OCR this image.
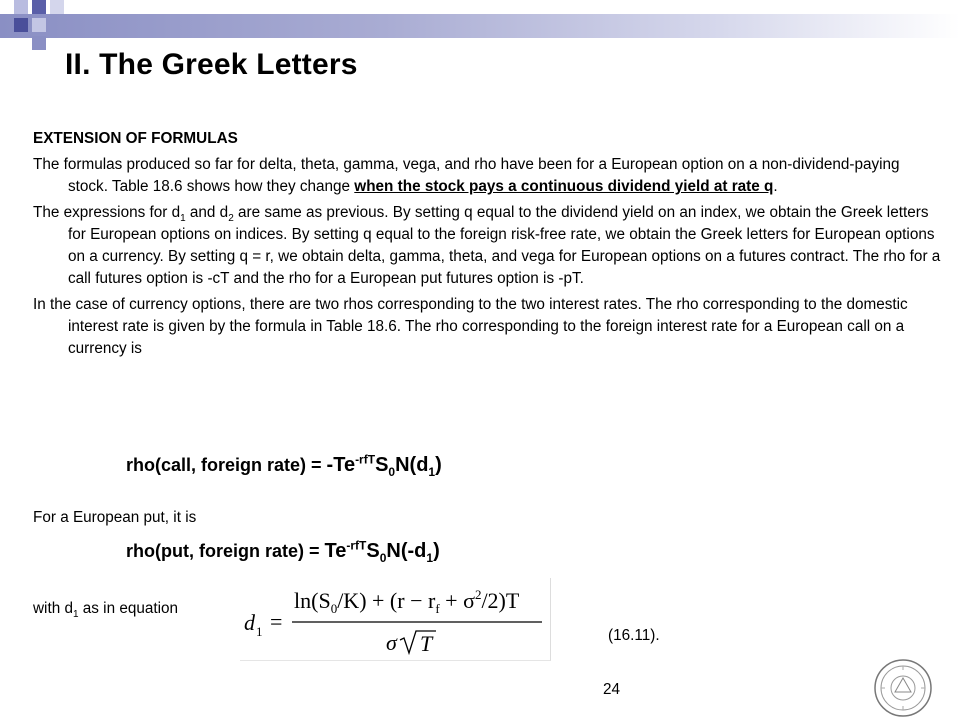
II. The Greek Letters
EXTENSION OF FORMULAS

The formulas produced so far for delta, theta, gamma, vega, and rho have been for a European option on a non-dividend-paying stock. Table 18.6 shows how they change when the stock pays a continuous dividend yield at rate q.

The expressions for $d_1$ and $d_2$ are same as previous. By setting q equal to the dividend yield on an index, we obtain the Greek letters for European options on indices. By setting q equal to the foreign risk-free rate, we obtain the Greek letters for European options on a currency. By setting q = r, we obtain delta, gamma, theta, and vega for European options on a futures contract. The rho for a call futures option is -cT and the rho for a European put futures option is -pT.

In the case of currency options, there are two rhos corresponding to the two interest rates. The rho corresponding to the domestic interest rate is given by the formula in Table 18.6. The rho corresponding to the foreign interest rate for a European call on a currency is

rho(call, foreign rate) = $-Te^{-rfT}S_0N(d_1)$
For a European put, it is
rho(put, foreign rate) = $Te^{-rfT}S_0N(-d_1)$
with $d_1$ as in equation
d 1 =
$\ln(S_0/K) + (r - r_f + \sigma^2/2)T$
σ T	(16.11).
24
